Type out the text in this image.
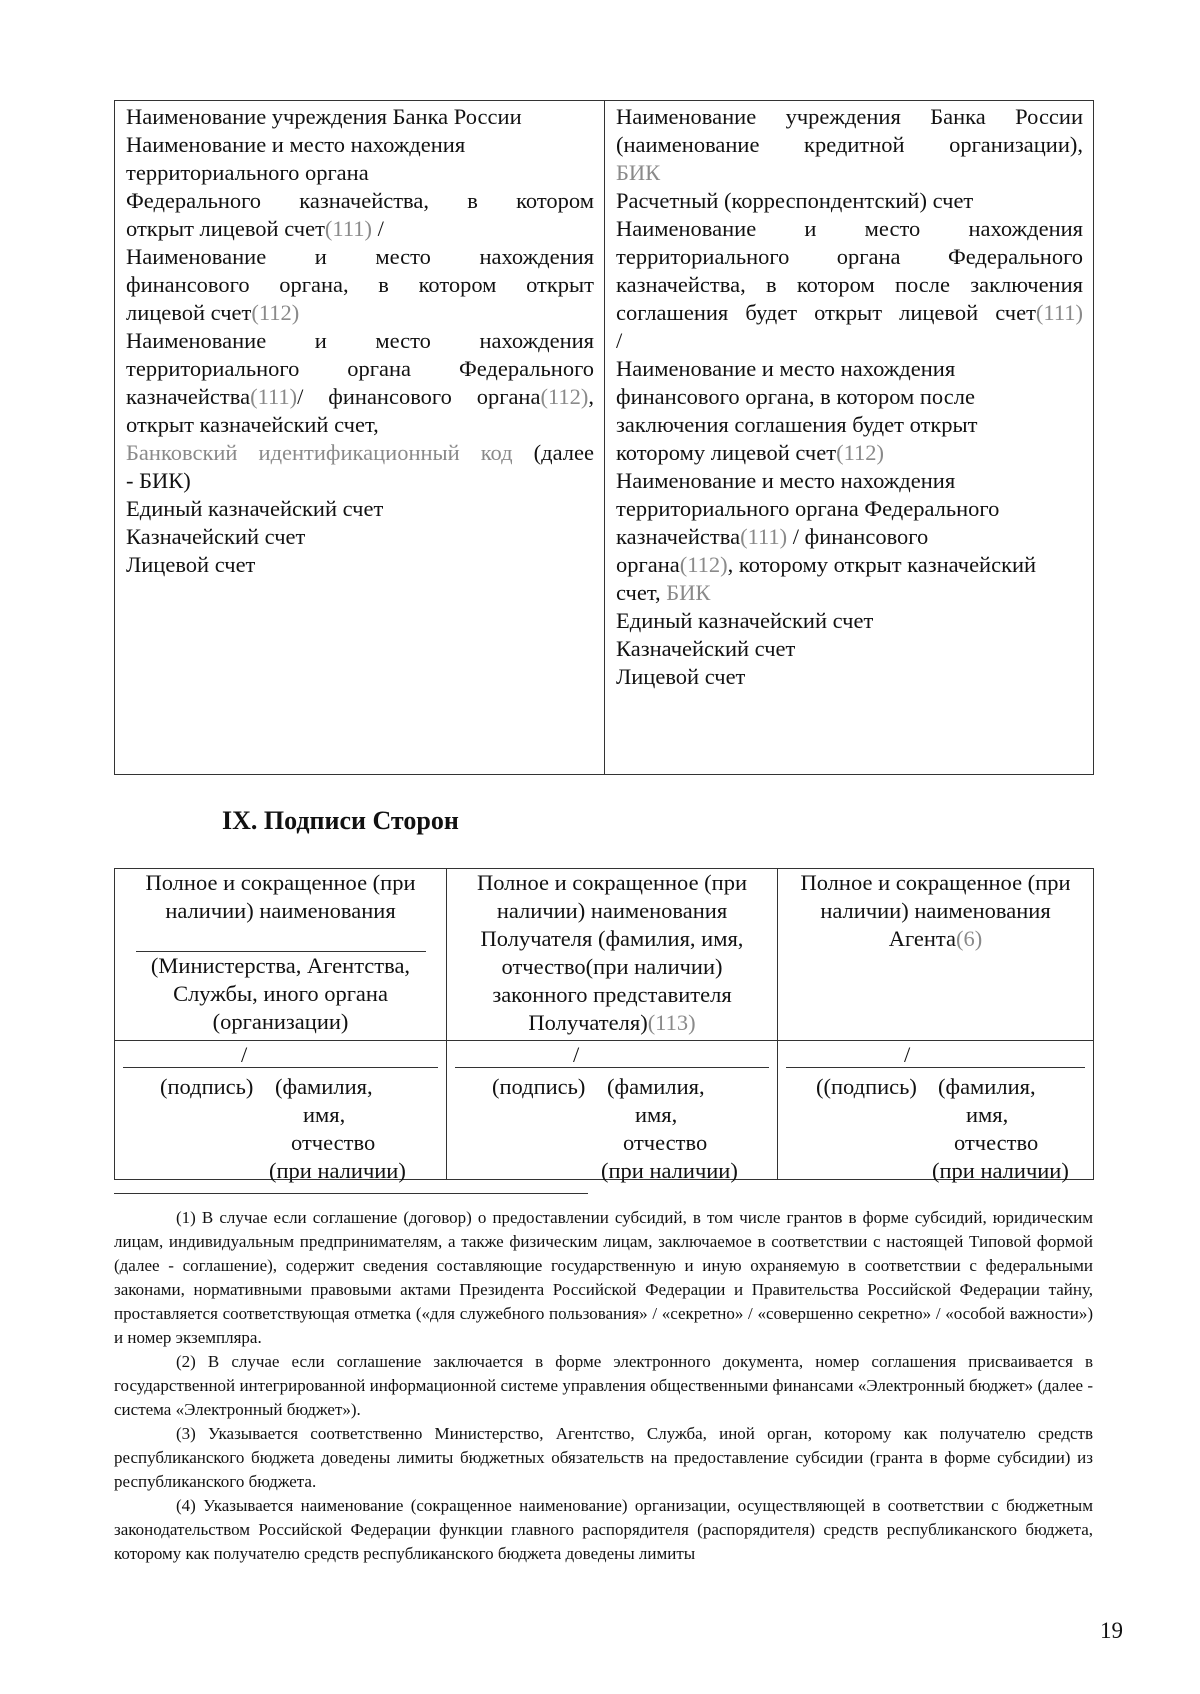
Наименование учреждения Банка России
Наименование и место нахождения
территориального органа
Федерального казначейства, в котором
открыт лицевой счет(111) /
Наименование и место нахождения
финансового органа, в котором открыт
лицевой счет(112)
Наименование и место нахождения
территориального органа Федерального
казначейства(111)/ финансового органа(112),
открыт казначейский счет,
Банковский идентификационный код (далее
- БИК)
Единый казначейский счет
Казначейский счет
Лицевой счет
Наименование учреждения Банка России
(наименование кредитной организации),
БИК
Расчетный (корреспондентский) счет
Наименование и место нахождения
территориального органа Федерального
казначейства, в котором после заключения
соглашения будет открыт лицевой счет(111)
/
Наименование и место нахождения
финансового органа, в котором после
заключения соглашения будет открыт
которому лицевой счет(112)
Наименование и место нахождения
территориального органа Федерального
казначейства(111) / финансового
органа(112), которому открыт казначейский
счет, БИК
Единый казначейский счет
Казначейский счет
Лицевой счет
IX. Подписи Сторон
Полное и сокращенное (при
наличии) наименования
(Министерства, Агентства,
Службы, иного органа
(организации)
Полное и сокращенное (при
наличии) наименования
Получателя (фамилия, имя,
отчество(при наличии)
законного представителя
Получателя)(113)
Полное и сокращенное (при
наличии) наименования
Агента(6)
/
(подпись) (фамилия,
имя,
отчество
(при наличии)
/
(подпись) (фамилия,
имя,
отчество
(при наличии)
/
((подпись) (фамилия,
имя,
отчество
(при наличии)

(1) В случае если соглашение (договор) о предоставлении субсидий, в том числе грантов в форме субсидий, юридическим лицам, индивидуальным предпринимателям, а также физическим лицам, заключаемое в соответствии с настоящей Типовой формой (далее - соглашение), содержит сведения составляющие государственную и иную охраняемую в соответствии с федеральными законами, нормативными правовыми актами Президента Российской Федерации и Правительства Российской Федерации тайну, проставляется соответствующая отметка («для служебного пользования» / «секретно» / «совершенно секретно» / «особой важности») и номер экземпляра.

(2) В случае если соглашение заключается в форме электронного документа, номер соглашения присваивается в государственной интегрированной информационной системе управления общественными финансами «Электронный бюджет» (далее - система «Электронный бюджет»).

(3) Указывается соответственно Министерство, Агентство, Служба, иной орган, которому как получателю средств республиканского бюджета доведены лимиты бюджетных обязательств на предоставление субсидии (гранта в форме субсидии) из республиканского бюджета.

(4) Указывается наименование (сокращенное наименование) организации, осуществляющей в соответствии с бюджетным законодательством Российской Федерации функции главного распорядителя (распорядителя) средств республиканского бюджета, которому как получателю средств республиканского бюджета доведены лимиты

19
